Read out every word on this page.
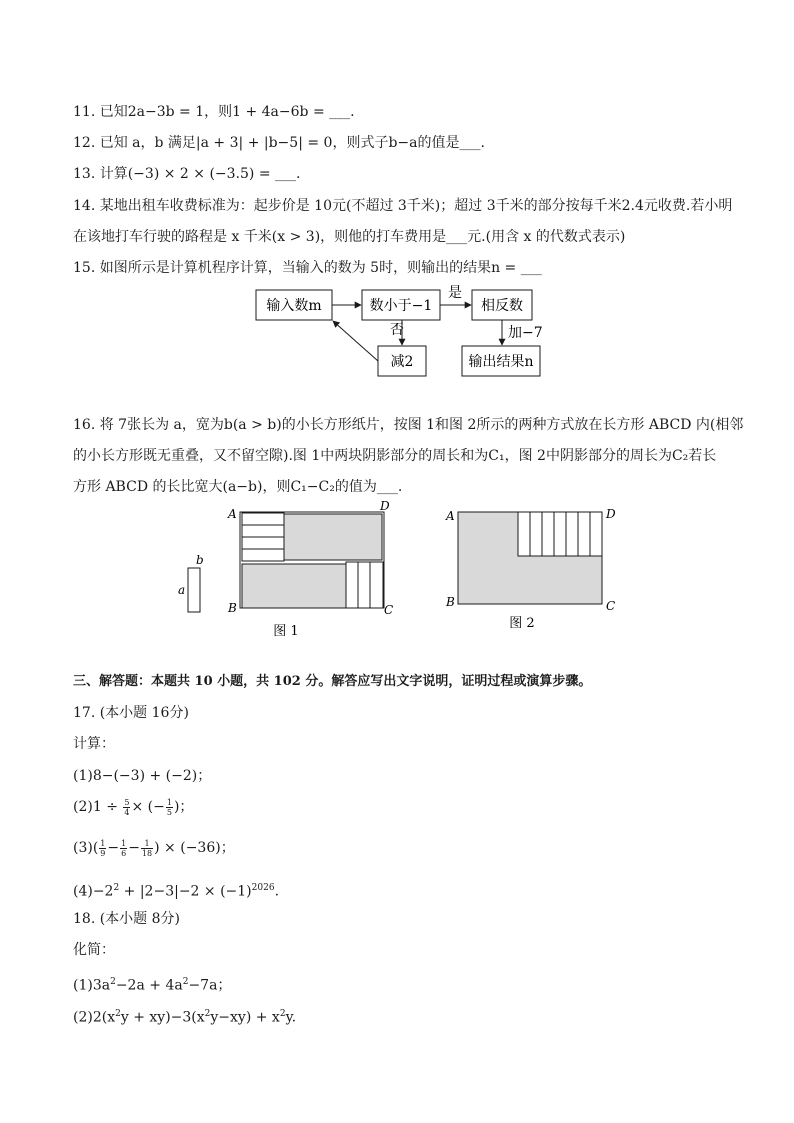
11. 已知2a−3b = 1，则1 + 4a−6b = ___.
12. 已知 a，b 满足|a + 3| + |b−5| = 0，则式子b−a的值是___.
13. 计算(−3) × 2 × (−3.5) = ___.
14. 某地出租车收费标准为：起步价是 10元(不超过 3千米)；超过 3千米的部分按每千米2.4元收费.若小明
在该地打车行驶的路程是 x 千米(x > 3)，则他的打车费用是___元.(用含 x 的代数式表示)
15. 如图所示是计算机程序计算，当输入的数为 5时，则输出的结果n = ___
输入数m	数小于−1	相反数
减2	输出结果n
是
否	加−7
16. 将 7张长为 a，宽为b(a > b)的小长方形纸片，按图 1和图 2所示的两种方式放在长方形 ABCD 内(相邻
的小长方形既无重叠，又不留空隙).图 1中两块阴影部分的周长和为C₁，图 2中阴影部分的周长为C₂若长
方形 ABCD 的长比宽大(a−b)，则C₁−C₂的值为___.
b
a
A
D
B	C
图 1
A	D
B	C
图 2
三、解答题：本题共 10 小题，共 102 分。解答应写出文字说明，证明过程或演算步骤。
17. (本小题 16分)
计算：
(1)8−(−3) + (−2)；
$(2)1 \div \frac{5}{4}$ × (− $\frac{1}{5}$ )；
$(3)( \frac{1}{9} - \frac{1}{6} - \frac{1}{18}$ ) × (−36)；
$(4)-2^2 + |2-3|-2 \times (-1)^{2026}$.
18. (本小题 8分)
化简：
$(1)3a^2-2a + 4a^2-7a$；
$(2)2(x^2y + xy)-3(x^2y-xy) + x^2y$.
